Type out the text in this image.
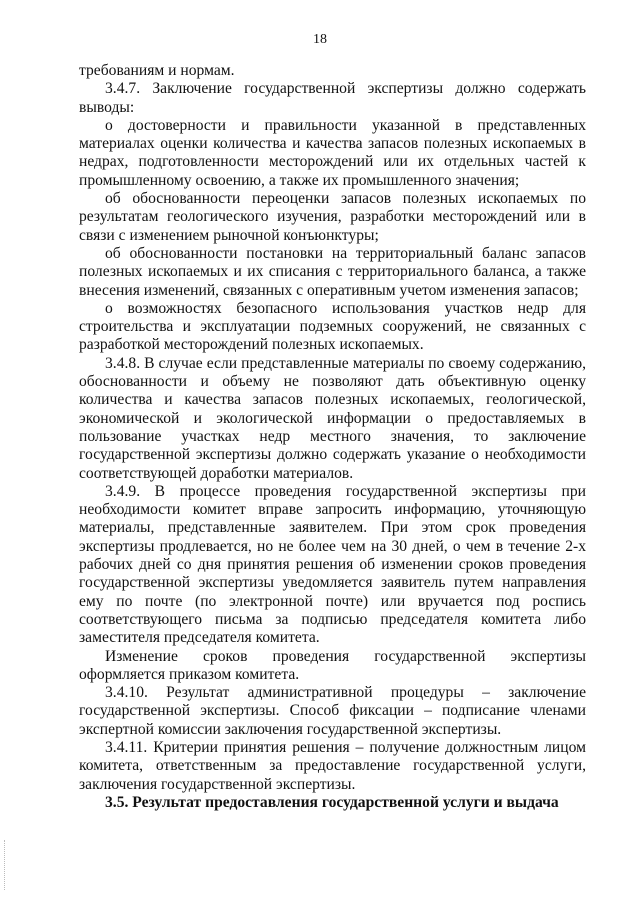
18

требованиям и нормам.

3.4.7. Заключение государственной экспертизы должно содержать выводы:

о достоверности и правильности указанной в представленных материалах оценки количества и качества запасов полезных ископаемых в недрах, подготовленности месторождений или их отдельных частей к промышленному освоению, а также их промышленного значения;

об обоснованности переоценки запасов полезных ископаемых по результатам геологического изучения, разработки месторождений или в связи с изменением рыночной конъюнктуры;

об обоснованности постановки на территориальный баланс запасов полезных ископаемых и их списания с территориального баланса, а также внесения изменений, связанных с оперативным учетом изменения запасов;

о возможностях безопасного использования участков недр для строительства и эксплуатации подземных сооружений, не связанных с разработкой месторождений полезных ископаемых.

3.4.8. В случае если представленные материалы по своему содержанию, обоснованности и объему не позволяют дать объективную оценку количества и качества запасов полезных ископаемых, геологической, экономической и экологической информации о предоставляемых в пользование участках недр местного значения, то заключение государственной экспертизы должно содержать указание о необходимости соответствующей доработки материалов.

3.4.9. В процессе проведения государственной экспертизы при необходимости комитет вправе запросить информацию, уточняющую материалы, представленные заявителем. При этом срок проведения экспертизы продлевается, но не более чем на 30 дней, о чем в течение 2-х рабочих дней со дня принятия решения об изменении сроков проведения государственной экспертизы уведомляется заявитель путем направления ему по почте (по электронной почте) или вручается под роспись соответствующего письма за подписью председателя комитета либо заместителя председателя комитета.

Изменение сроков проведения государственной экспертизы оформляется приказом комитета.

3.4.10. Результат административной процедуры – заключение государственной экспертизы. Способ фиксации – подписание членами экспертной комиссии заключения государственной экспертизы.

3.4.11. Критерии принятия решения – получение должностным лицом комитета, ответственным за предоставление государственной услуги, заключения государственной экспертизы.

3.5. Результат предоставления государственной услуги и выдача
